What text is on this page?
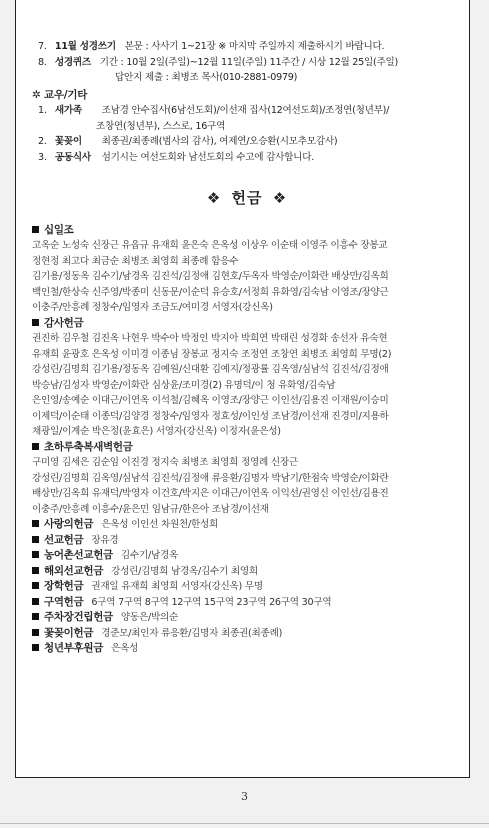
7. 11월 성경쓰기 본문 : 사사기 1~21장 ※ 마지막 주일까지 제출하시기 바랍니다.
8. 성경퀴즈 기간 : 10월 2일(주일)~12월 11일(주일) 11주간 / 시상 12월 25일(주일)
답안지 제출 : 최병조 목사(010-2881-0979)
✲ 교우/기타
1. 새가족 조남경 안수집사(6남선도회)/이선재 집사(12여선도회)/조정연(청년부)/
조창연(청년부), 스스로, 16구역
2. 꽃꽂이 최종권/최종례(범사의 감사), 여제연/오승환(시모추모감사)
3. 공동식사 섬기시는 여선도회와 남선도회의 수고에 감사합니다.
❖ 헌금 ❖
십일조
고옥순 노성숙 신장근 유읍규 유재희 윤은숙 은옥성 이상우 이순태 이영주 이흥수 장봉교
정현정 최고다 최금순 최병조 최영희 최종례 함응수
김기용/정동옥 김수기/남경옥 김진석/김정애 김현호/두옥자 박영순/이화란 배상만/김옥희
백인철/한상숙 신주영/박종미 신동문/이순덕 유승호/서정희 유화영/김숙남 이영조/장양근
이충주/안흥례 정창수/임영자 조금도/여미경 서영자(강신옥)
감사헌금
권진하 김우철 김진옥 나현우 박수아 박정인 박지아 박희연 박태린 성경화 송선자 유숙현
유재희 윤광호 은옥성 이미경 이종님 장봉교 정지숙 조정연 조창연 최병조 최영희 무명(2)
강성린/김명희 김기용/정동옥 김예원/신대환 김예지/정광률 김옥영/심남석 김진석/김정애
박승남/김성자 박영순/이화란 심상윤/조미경(2) 유명덕/이 청 유화영/김숙남
은인영/송예순 이대근/이연옥 이석철/김혜옥 이영조/장양근 이인선/김용진 이재원/이승미
이제덕/이순태 이종덕/김양경 정창수/임영자 정효성/이인성 조남경/이선재 진경미/지용하
채광일/이계순 박은정(윤효은) 서영자(강신옥) 이정자(윤은성)
초하루축복새벽헌금
구미영 김세은 김순임 이진경 정지숙 최병조 최영희 정영례 신장근
강성린/김명희 김옥영/심남석 김진석/김정애 류응환/김명자 박남기/한점숙 박영순/이화란
배상만/김옥희 유재덕/박영자 이건호/박지은 이대근/이연옥 이익선/권영신 이인선/김용진
이충주/안흥례 이흥수/윤은민 임남규/한은아 조남경/이선재
사랑의헌금 은옥성 이인선 차원천/한성희
선교헌금 장유경
농어촌선교헌금 김수기/남경옥
해외선교헌금 강성린/김명희 남경옥/김수기 최영희
장학헌금 권재일 유재희 최영희 서영자(강신옥) 무명
구역헌금 6구역 7구역 8구역 12구역 15구역 23구역 26구역 30구역
주차장건립헌금 양동은/박의순
꽃꽂이헌금 경준모/최인자 류응환/김명자 최종권(최종례)
청년부후원금 은옥성
3
